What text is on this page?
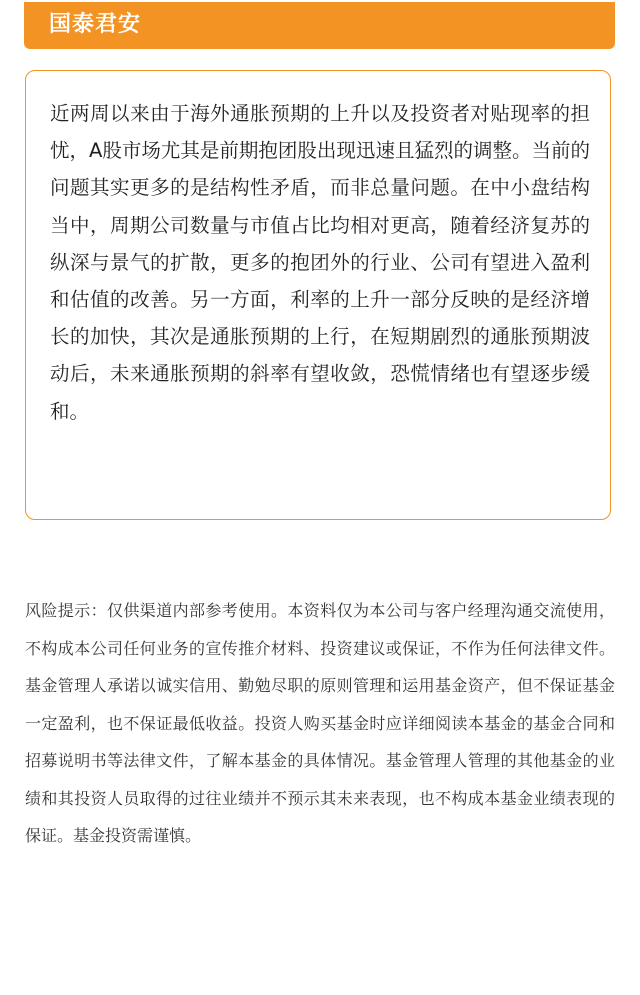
国泰君安

近两周以来由于海外通胀预期的上升以及投资者对贴现率的担忧，A股市场尤其是前期抱团股出现迅速且猛烈的调整。当前的问题其实更多的是结构性矛盾，而非总量问题。在中小盘结构当中，周期公司数量与市值占比均相对更高，随着经济复苏的纵深与景气的扩散，更多的抱团外的行业、公司有望进入盈利和估值的改善。另一方面，利率的上升一部分反映的是经济增长的加快，其次是通胀预期的上行，在短期剧烈的通胀预期波动后，未来通胀预期的斜率有望收敛，恐慌情绪也有望逐步缓和。

风险提示：仅供渠道内部参考使用。本资料仅为本公司与客户经理沟通交流使用，不构成本公司任何业务的宣传推介材料、投资建议或保证，不作为任何法律文件。基金管理人承诺以诚实信用、勤勉尽职的原则管理和运用基金资产，但不保证基金一定盈利，也不保证最低收益。投资人购买基金时应详细阅读本基金的基金合同和招募说明书等法律文件，了解本基金的具体情况。基金管理人管理的其他基金的业绩和其投资人员取得的过往业绩并不预示其未来表现，也不构成本基金业绩表现的保证。基金投资需谨慎。
